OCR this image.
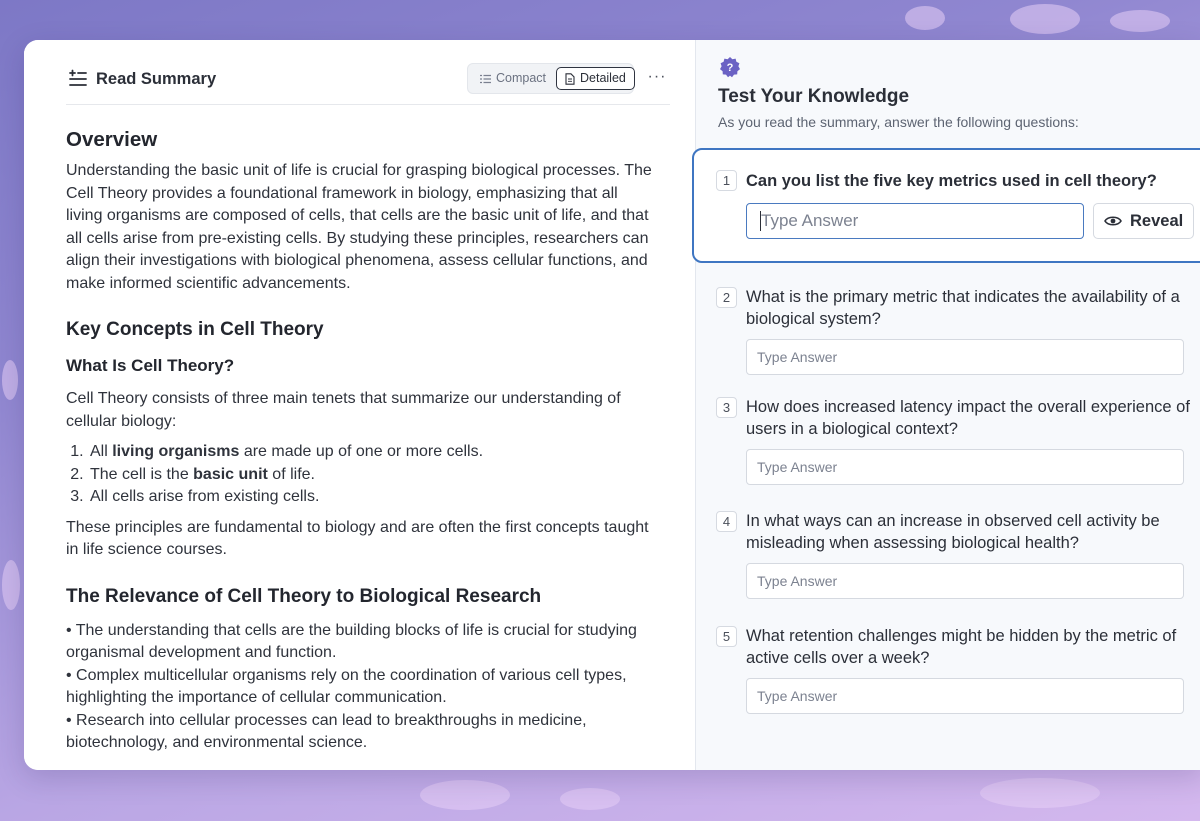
Read Summary	Compact	Detailed ···
Overview
Understanding the basic unit of life is crucial for grasping biological processes. The Cell Theory provides a foundational framework in biology, emphasizing that all living organisms are composed of cells, that cells are the basic unit of life, and that all cells arise from pre-existing cells. By studying these principles, researchers can align their investigations with biological phenomena, assess cellular functions, and make informed scientific advancements.
Key Concepts in Cell Theory
What Is Cell Theory?
Cell Theory consists of three main tenets that summarize our understanding of cellular biology:
1. All living organisms are made up of one or more cells.
2. The cell is the basic unit of life.
3. All cells arise from existing cells.
These principles are fundamental to biology and are often the first concepts taught in life science courses.
The Relevance of Cell Theory to Biological Research
• The understanding that cells are the building blocks of life is crucial for studying organismal development and function.
• Complex multicellular organisms rely on the coordination of various cell types, highlighting the importance of cellular communication.
• Research into cellular processes can lead to breakthroughs in medicine, biotechnology, and environmental science.
?
Test Your Knowledge
As you read the summary, answer the following questions:
1 Can you list the five key metrics used in cell theory?
Type Answer
Reveal
2 What is the primary metric that indicates the availability of a biological system?
Type Answer
3 How does increased latency impact the overall experience of users in a biological context?
Type Answer
4 In what ways can an increase in observed cell activity be misleading when assessing biological health?
Type Answer
5 What retention challenges might be hidden by the metric of active cells over a week?
Type Answer
